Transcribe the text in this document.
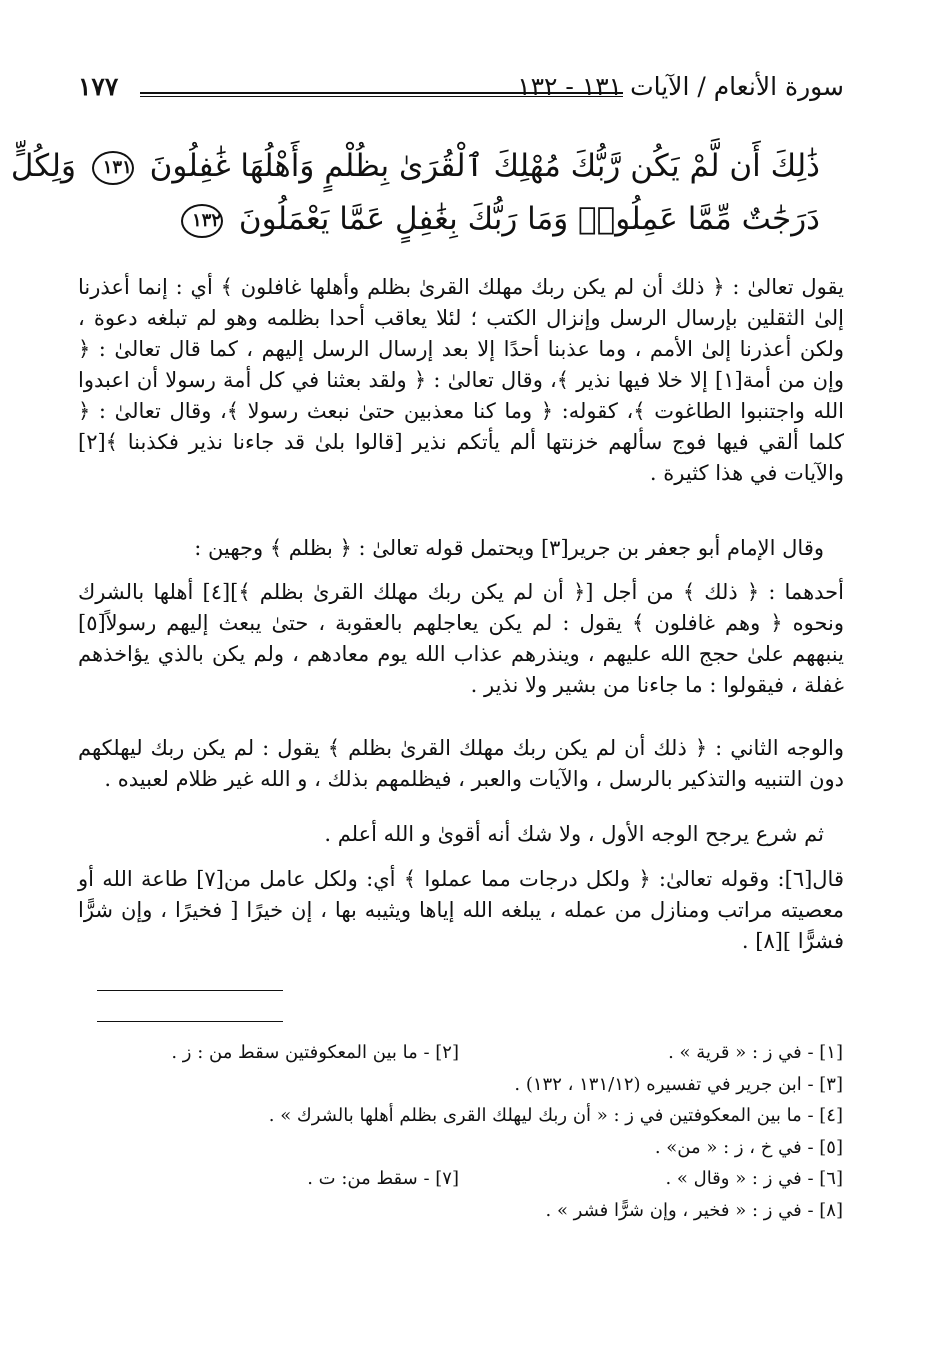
سورة الأنعام / الآيات ١٣١ - ١٣٢
١٧٧
ذَٰلِكَ أَن لَّمْ يَكُن رَّبُّكَ مُهْلِكَ ٱلْقُرَىٰ بِظُلْمٍ وَأَهْلُهَا غَٰفِلُونَ ١٣١ وَلِكُلٍّ
دَرَجَٰتٌ مِّمَّا عَمِلُوا۟ وَمَا رَبُّكَ بِغَٰفِلٍ عَمَّا يَعْمَلُونَ ١٣٢
يقول تعالىٰ : ﴿ ذلك أن لم يكن ربك مهلك القرىٰ بظلم وأهلها غافلون ﴾ أي : إنما أعذرنا إلىٰ الثقلين بإرسال الرسل وإنزال الكتب ؛ لئلا يعاقب أحدا بظلمه وهو لم تبلغه دعوة ، ولكن أعذرنا إلىٰ الأمم ، وما عذبنا أحدًا إلا بعد إرسال الرسل إليهم ، كما قال تعالىٰ : ﴿ وإن من أمة[١] إلا خلا فيها نذير ﴾، وقال تعالىٰ : ﴿ ولقد بعثنا في كل أمة رسولا أن اعبدوا الله واجتنبوا الطاغوت ﴾، كقوله: ﴿ وما كنا معذبين حتىٰ نبعث رسولا ﴾، وقال تعالىٰ : ﴿ كلما ألقي فيها فوج سألهم خزنتها ألم يأتكم نذير [قالوا بلىٰ قد جاءنا نذير فكذبنا ﴾[٢] والآيات في هذا كثيرة .
وقال الإمام أبو جعفر بن جرير[٣] ويحتمل قوله تعالىٰ : ﴿ بظلم ﴾ وجهين :
أحدهما : ﴿ ذلك ﴾ من أجل [﴿ أن لم يكن ربك مهلك القرىٰ بظلم ﴾][٤] أهلها بالشرك ونحوه ﴿ وهم غافلون ﴾ يقول : لم يكن يعاجلهم بالعقوبة ، حتىٰ يبعث إليهم رسولاً[٥] ينبههم علىٰ حجج الله عليهم ، وينذرهم عذاب الله يوم معادهم ، ولم يكن بالذي يؤاخذهم غفلة ، فيقولوا : ما جاءنا من بشير ولا نذير .
والوجه الثاني : ﴿ ذلك أن لم يكن ربك مهلك القرىٰ بظلم ﴾ يقول : لم يكن ربك ليهلكهم دون التنبيه والتذكير بالرسل ، والآيات والعبر ، فيظلمهم بذلك ، و الله غير ظلام لعبيده .
ثم شرع يرجح الوجه الأول ، ولا شك أنه أقوىٰ و الله أعلم .
قال[٦]: وقوله تعالىٰ: ﴿ ولكل درجات مما عملوا ﴾ أي: ولكل عامل من[٧] طاعة الله أو معصيته مراتب ومنازل من عمله ، يبلغه الله إياها ويثيبه بها ، إن خيرًا [ فخيرًا ، وإن شرًّا فشرًّا ][٨] .
[١] - في ز : « قرية » .
[٢] - ما بين المعكوفتين سقط من : ز .
[٣] - ابن جرير في تفسيره (١٣١/١٢ ، ١٣٢) .
[٤] - ما بين المعكوفتين في ز : « أن ربك ليهلك القرى بظلم أهلها بالشرك » .
[٥] - في خ ، ز : « من» .
[٦] - في ز : « وقال » .
[٧] - سقط من: ت .
[٨] - في ز : « فخير ، وإن شرًّا فشر » .
